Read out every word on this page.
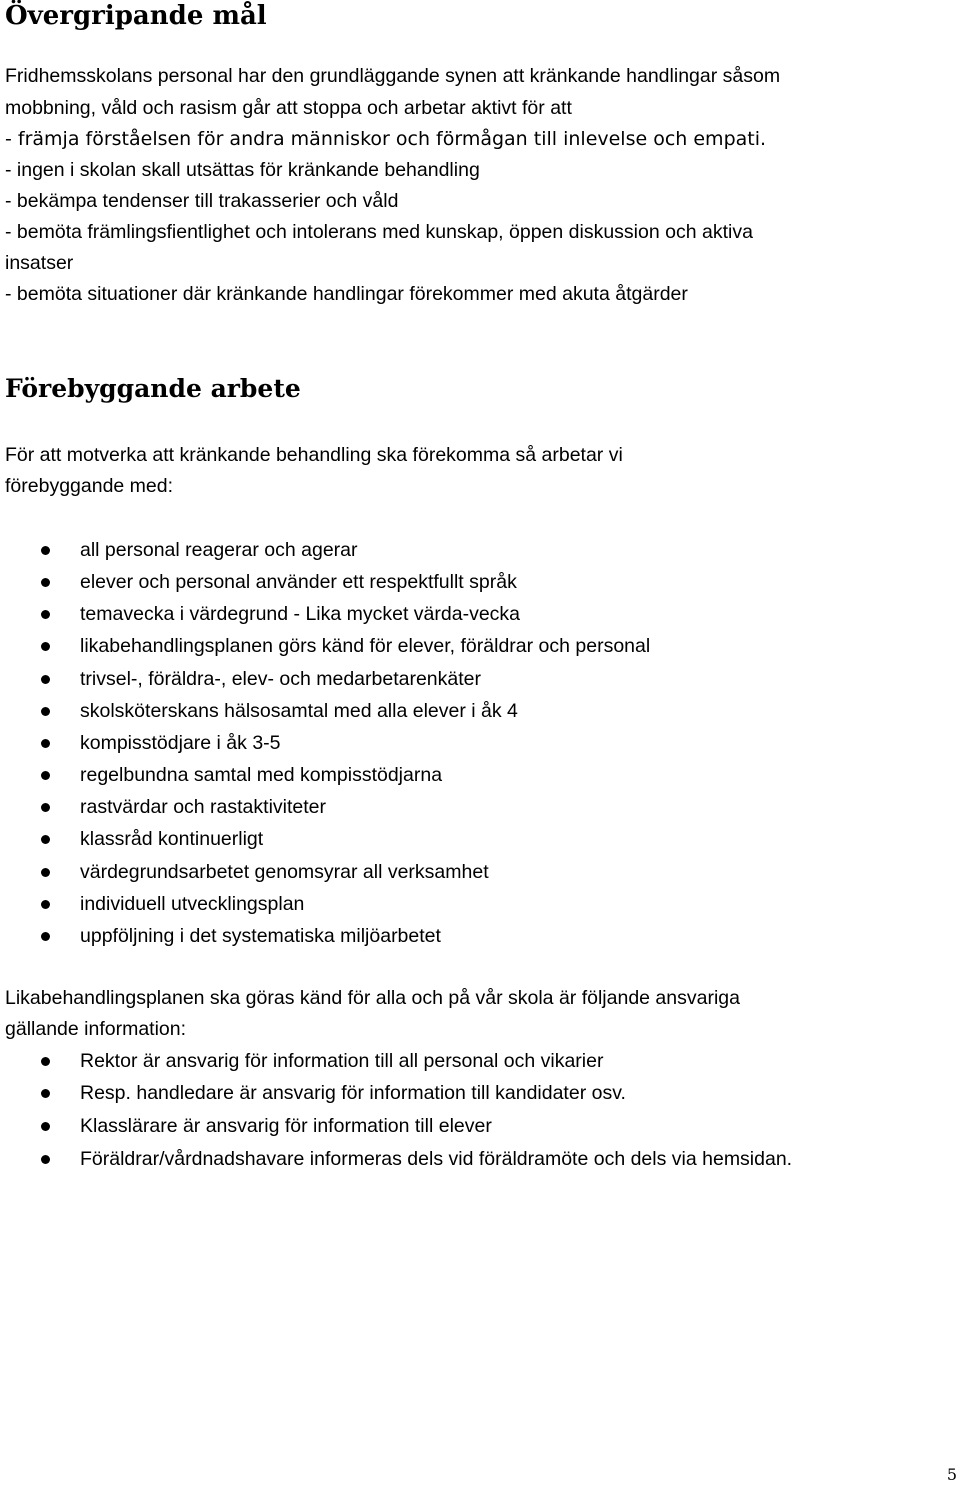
Övergripande mål

Fridhemsskolans personal har den grundläggande synen att kränkande handlingar såsom

mobbning, våld och rasism går att stoppa och arbetar aktivt för att

- främja förståelsen för andra människor och förmågan till inlevelse och empati.

- ingen i skolan skall utsättas för kränkande behandling

- bekämpa tendenser till trakasserier och våld

- bemöta främlingsfientlighet och intolerans med kunskap, öppen diskussion och aktiva

insatser

- bemöta situationer där kränkande handlingar förekommer med akuta åtgärder

Förebyggande arbete

För att motverka att kränkande behandling ska förekomma så arbetar vi

förebyggande med:

all personal reagerar och agerar
elever och personal använder ett respektfullt språk
temavecka i värdegrund - Lika mycket värda-vecka
likabehandlingsplanen görs känd för elever, föräldrar och personal
trivsel-, föräldra-, elev- och medarbetarenkäter
skolsköterskans hälsosamtal med alla elever i åk 4
kompisstödjare i åk 3-5
regelbundna samtal med kompisstödjarna
rastvärdar och rastaktiviteter
klassråd kontinuerligt
värdegrundsarbetet genomsyrar all verksamhet
individuell utvecklingsplan
uppföljning i det systematiska miljöarbetet

Likabehandlingsplanen ska göras känd för alla och på vår skola är följande ansvariga

gällande information:

Rektor är ansvarig för information till all personal och vikarier
Resp. handledare är ansvarig för information till kandidater osv.
Klasslärare är ansvarig för information till elever
Föräldrar/vårdnadshavare informeras dels vid föräldramöte och dels via hemsidan.
5
